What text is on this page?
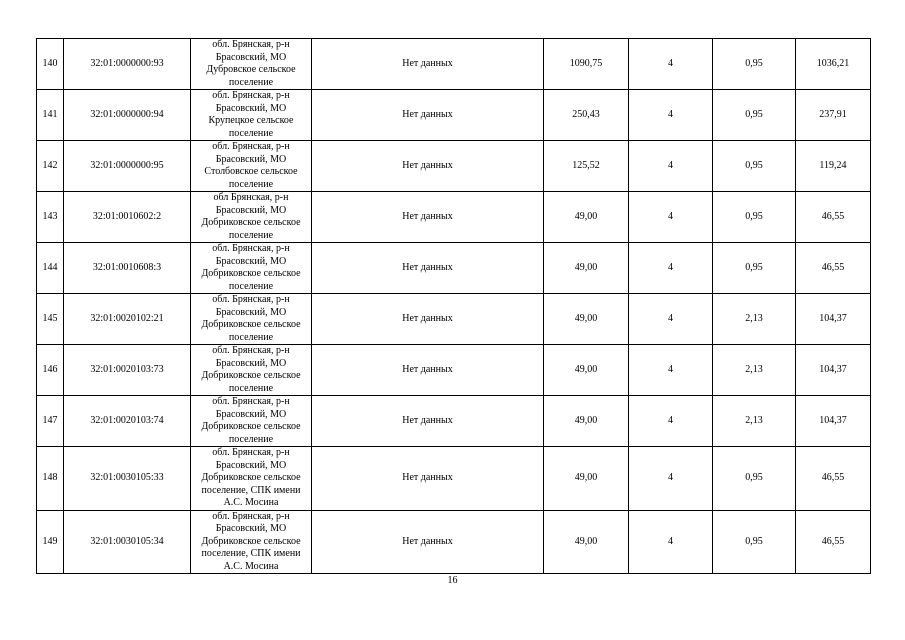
140	32:01:0000000:93	обл. Брянская, р-н
Брасовский, МО
Дубровское сельское
поселение	Нет данных	1090,75	4	0,95	1036,21
141	32:01:0000000:94	обл. Брянская, р-н
Брасовский, МО
Крупецкое сельское
поселение	Нет данных	250,43	4	0,95	237,91
142	32:01:0000000:95	обл. Брянская, р-н
Брасовский, МО
Столбовское сельское
поселение	Нет данных	125,52	4	0,95	119,24
143	32:01:0010602:2	обл Брянская, р-н
Брасовский, МО
Добриковское сельское
поселение	Нет данных	49,00	4	0,95	46,55
144	32:01:0010608:3	обл. Брянская, р-н
Брасовский, МО
Добриковское сельское
поселение	Нет данных	49,00	4	0,95	46,55
145	32:01:0020102:21	обл. Брянская, р-н
Брасовский, МО
Добриковское сельское
поселение	Нет данных	49,00	4	2,13	104,37
146	32:01:0020103:73	обл. Брянская, р-н
Брасовский, МО
Добриковское сельское
поселение	Нет данных	49,00	4	2,13	104,37
147	32:01:0020103:74	обл. Брянская, р-н
Брасовский, МО
Добриковское сельское
поселение	Нет данных	49,00	4	2,13	104,37
148	32:01:0030105:33	обл. Брянская, р-н
Брасовский, МО
Добриковское сельское
поселение, СПК имени
А.С. Мосина	Нет данных	49,00	4	0,95	46,55
149	32:01:0030105:34	обл. Брянская, р-н
Брасовский, МО
Добриковское сельское
поселение, СПК имени
А.С. Мосина	Нет данных	49,00	4	0,95	46,55
16
